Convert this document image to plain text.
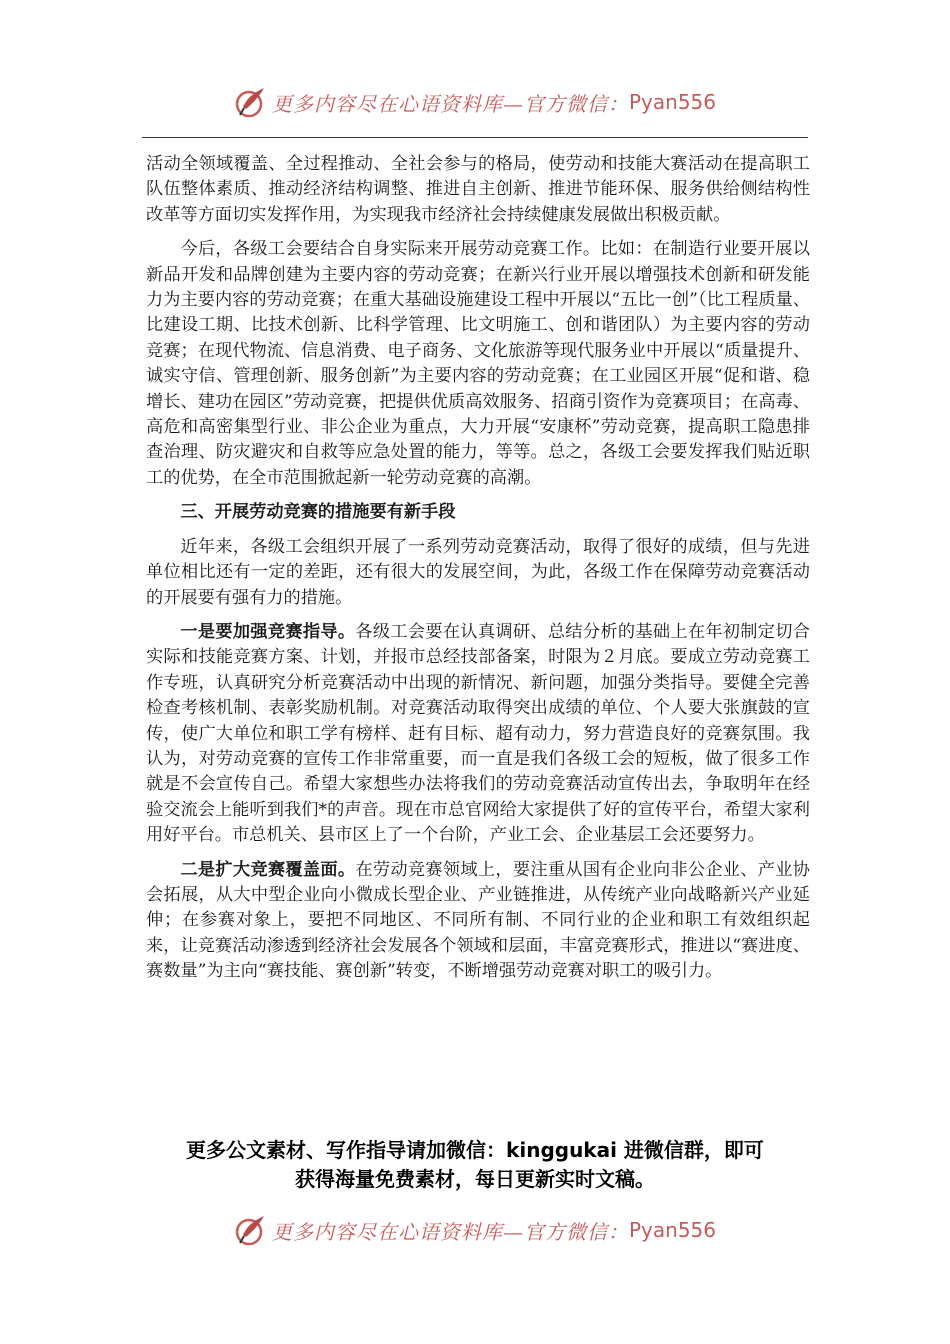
更多内容尽在心语资料库—官方微信： Pyan556

活动全领域覆盖、全过程推动、全社会参与的格局，使劳动和技能大赛活动在提高职工队伍整体素质、推动经济结构调整、推进自主创新、推进节能环保、服务供给侧结构性改革等方面切实发挥作用，为实现我市经济社会持续健康发展做出积极贡献。

今后，各级工会要结合自身实际来开展劳动竞赛工作。比如：在制造行业要开展以新品开发和品牌创建为主要内容的劳动竞赛；在新兴行业开展以增强技术创新和研发能力为主要内容的劳动竞赛；在重大基础设施建设工程中开展以“五比一创”（比工程质量、比建设工期、比技术创新、比科学管理、比文明施工、创和谐团队）为主要内容的劳动竞赛；在现代物流、信息消费、电子商务、文化旅游等现代服务业中开展以“质量提升、诚实守信、管理创新、服务创新”为主要内容的劳动竞赛；在工业园区开展“促和谐、稳增长、建功在园区”劳动竞赛，把提供优质高效服务、招商引资作为竞赛项目；在高毒、高危和高密集型行业、非公企业为重点，大力开展“安康杯”劳动竞赛，提高职工隐患排查治理、防灾避灾和自救等应急处置的能力，等等。总之，各级工会要发挥我们贴近职工的优势，在全市范围掀起新一轮劳动竞赛的高潮。

三、开展劳动竞赛的措施要有新手段

近年来，各级工会组织开展了一系列劳动竞赛活动，取得了很好的成绩，但与先进单位相比还有一定的差距，还有很大的发展空间，为此，各级工作在保障劳动竞赛活动的开展要有强有力的措施。

一是要加强竞赛指导。各级工会要在认真调研、总结分析的基础上在年初制定切合实际和技能竞赛方案、计划，并报市总经技部备案，时限为２月底。要成立劳动竞赛工作专班，认真研究分析竞赛活动中出现的新情况、新问题，加强分类指导。要健全完善检查考核机制、表彰奖励机制。对竞赛活动取得突出成绩的单位、个人要大张旗鼓的宣传，使广大单位和职工学有榜样、赶有目标、超有动力，努力营造良好的竞赛氛围。我认为，对劳动竞赛的宣传工作非常重要，而一直是我们各级工会的短板，做了很多工作就是不会宣传自己。希望大家想些办法将我们的劳动竞赛活动宣传出去，争取明年在经验交流会上能听到我们*的声音。现在市总官网给大家提供了好的宣传平台，希望大家利用好平台。市总机关、县市区上了一个台阶，产业工会、企业基层工会还要努力。

二是扩大竞赛覆盖面。在劳动竞赛领域上，要注重从国有企业向非公企业、产业协会拓展，从大中型企业向小微成长型企业、产业链推进，从传统产业向战略新兴产业延伸；在参赛对象上，要把不同地区、不同所有制、不同行业的企业和职工有效组织起来，让竞赛活动渗透到经济社会发展各个领域和层面，丰富竞赛形式，推进以“赛进度、赛数量”为主向“赛技能、赛创新”转变，不断增强劳动竞赛对职工的吸引力。

更多公文素材、写作指导请加微信：kinggukai 进微信群，即可
获得海量免费素材，每日更新实时文稿。
更多内容尽在心语资料库—官方微信： Pyan556
